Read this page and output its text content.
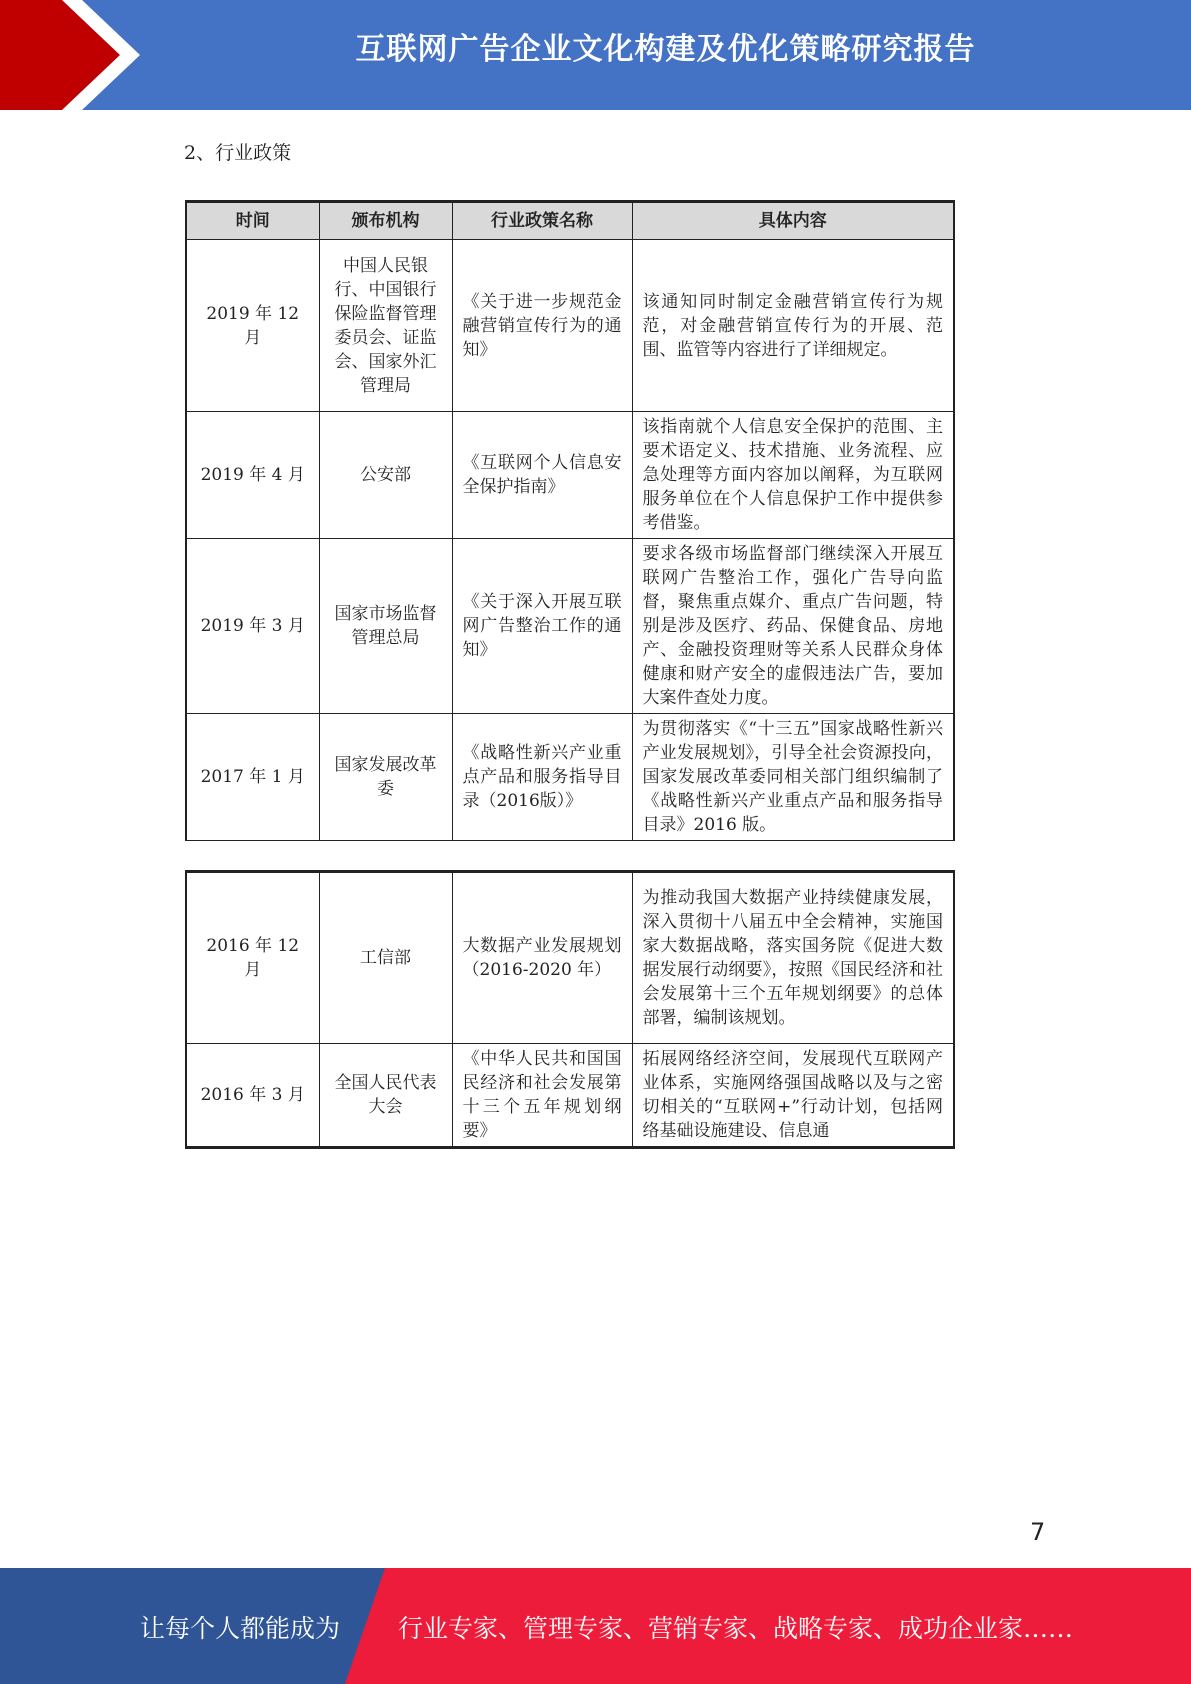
互联网广告企业文化构建及优化策略研究报告
2、行业政策
时间	颁布机构	行业政策名称	具体内容
2019 年 12 月	中国人民银行、中国银行保险监督管理委员会、证监会、国家外汇管理局	《关于进一步规范金融营销宣传行为的通知》	该通知同时制定金融营销宣传行为规范，对金融营销宣传行为的开展、范围、监管等内容进行了详细规定。
2019 年 4 月	公安部	《互联网个人信息安全保护指南》	该指南就个人信息安全保护的范围、主要术语定义、技术措施、业务流程、应急处理等方面内容加以阐释，为互联网服务单位在个人信息保护工作中提供参考借鉴。
2019 年 3 月	国家市场监督管理总局	《关于深入开展互联网广告整治工作的通知》	要求各级市场监督部门继续深入开展互联网广告整治工作，强化广告导向监督，聚焦重点媒介、重点广告问题，特别是涉及医疗、药品、保健食品、房地产、金融投资理财等关系人民群众身体健康和财产安全的虚假违法广告，要加大案件查处力度。
2017 年 1 月	国家发展改革委	《战略性新兴产业重点产品和服务指导目录（2016版）》	为贯彻落实《“十三五”国家战略性新兴产业发展规划》，引导全社会资源投向，国家发展改革委同相关部门组织编制了《战略性新兴产业重点产品和服务指导目录》2016 版。
2016 年 12 月	工信部	大数据产业发展规划（2016-2020 年）	为推动我国大数据产业持续健康发展，深入贯彻十八届五中全会精神，实施国家大数据战略，落实国务院《促进大数据发展行动纲要》，按照《国民经济和社会发展第十三个五年规划纲要》的总体部署，编制该规划。
2016 年 3 月	全国人民代表大会	《中华人民共和国国民经济和社会发展第十三个五年规划纲要》	拓展网络经济空间，发展现代互联网产业体系，实施网络强国战略以及与之密切相关的“互联网+”行动计划，包括网络基础设施建设、信息通
7
让每个人都能成为 行业专家、管理专家、营销专家、战略专家、成功企业家……
